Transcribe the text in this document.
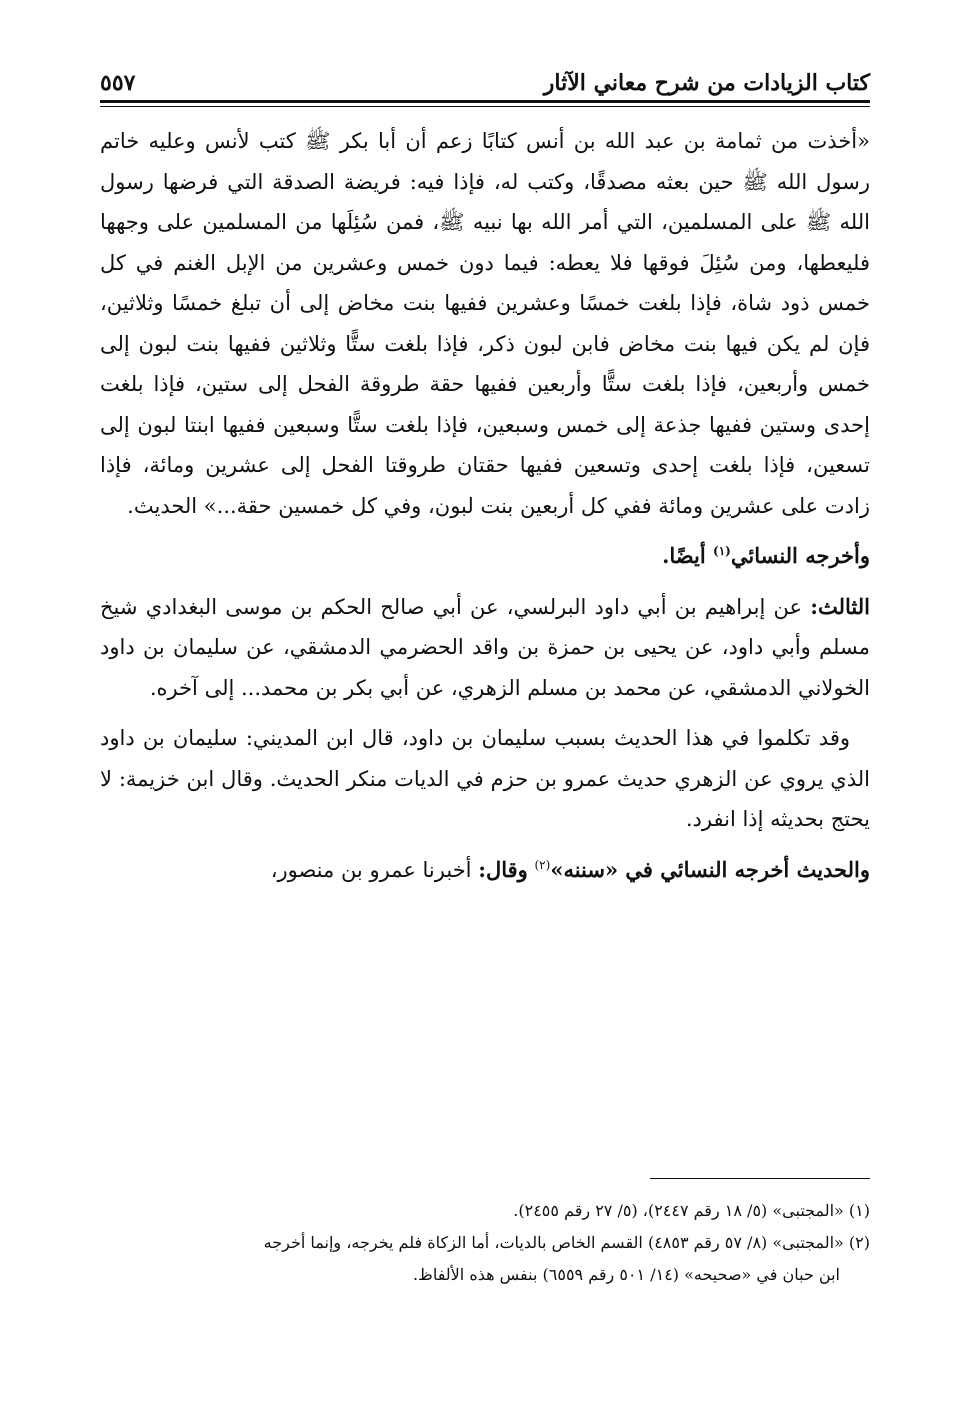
كتاب الزيادات من شرح معاني الآثار
٥٥٧

«أخذت من ثمامة بن عبد الله بن أنس كتابًا زعم أن أبا بكر ﷺ كتب لأنس وعليه خاتم رسول الله ﷺ حين بعثه مصدقًا، وكتب له، فإذا فيه: فريضة الصدقة التي فرضها رسول الله ﷺ على المسلمين، التي أمر الله بها نبيه ﷺ، فمن سُئِلَها من المسلمين على وجهها فليعطها، ومن سُئِلَ فوقها فلا يعطه: فيما دون خمس وعشرين من الإبل الغنم في كل خمس ذود شاة، فإذا بلغت خمسًا وعشرين ففيها بنت مخاض إلى أن تبلغ خمسًا وثلاثين، فإن لم يكن فيها بنت مخاض فابن لبون ذكر، فإذا بلغت ستًّا وثلاثين ففيها بنت لبون إلى خمس وأربعين، فإذا بلغت ستًّا وأربعين ففيها حقة طروقة الفحل إلى ستين، فإذا بلغت إحدى وستين ففيها جذعة إلى خمس وسبعين، فإذا بلغت ستًّا وسبعين ففيها ابنتا لبون إلى تسعين، فإذا بلغت إحدى وتسعين ففيها حقتان طروقتا الفحل إلى عشرين ومائة، فإذا زادت على عشرين ومائة ففي كل أربعين بنت لبون، وفي كل خمسين حقة...» الحديث.

وأخرجه النسائي$^{(١)}$ أيضًا.

الثالث: عن إبراهيم بن أبي داود البرلسي، عن أبي صالح الحكم بن موسى البغدادي شيخ مسلم وأبي داود، عن يحيى بن حمزة بن واقد الحضرمي الدمشقي، عن سليمان بن داود الخولاني الدمشقي، عن محمد بن مسلم الزهري، عن أبي بكر بن محمد... إلى آخره.

وقد تكلموا في هذا الحديث بسبب سليمان بن داود، قال ابن المديني: سليمان بن داود الذي يروي عن الزهري حديث عمرو بن حزم في الديات منكر الحديث. وقال ابن خزيمة: لا يحتج بحديثه إذا انفرد.

والحديث أخرجه النسائي في «سننه»$^{(٢)}$ وقال: أخبرنا عمرو بن منصور،

(١) «المجتبى» (٥/ ١٨ رقم ٢٤٤٧)، (٥/ ٢٧ رقم ٢٤٥٥).

(٢) «المجتبى» (٨/ ٥٧ رقم ٤٨٥٣) القسم الخاص بالديات، أما الزكاة فلم يخرجه، وإنما أخرجه

ابن حبان في «صحيحه» (١٤/ ٥٠١ رقم ٦٥٥٩) بنفس هذه الألفاظ.
